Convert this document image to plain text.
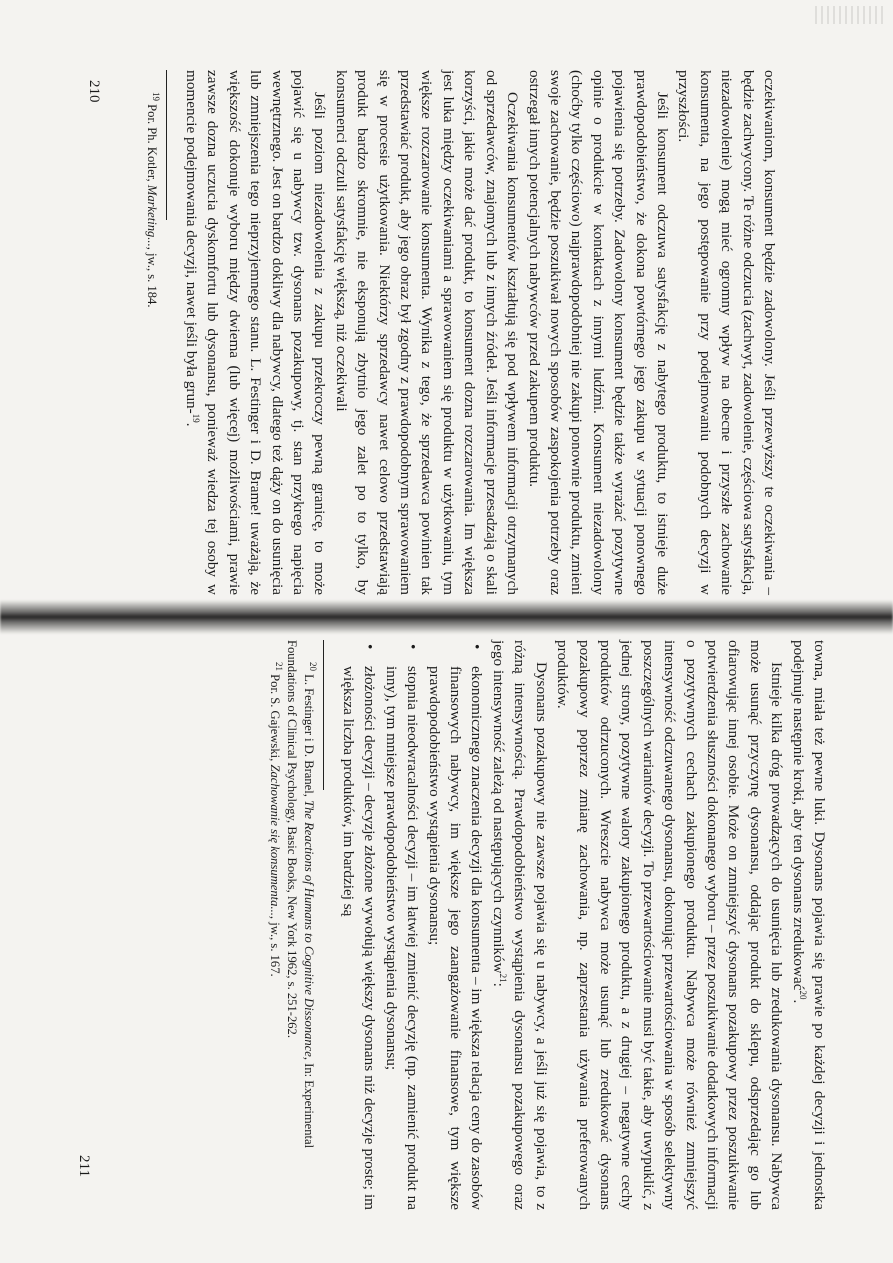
210
211

oczekiwaniom, konsument będzie zadowolony. Jeśli przewyższy te oczekiwania – będzie zachwycony. Te różne odczucia (zachwyt, zadowolenie, częściowa satysfakcja, niezadowolenie) mogą mieć ogromny wpływ na obecne i przyszłe zachowanie konsumenta, na jego postępowanie przy podejmowaniu podobnych decyzji w przyszłości.

Jeśli konsument odczuwa satysfakcję z nabytego produktu, to istnieje duże prawdopodobieństwo, że dokona powtórnego jego zakupu w sytuacji ponownego pojawienia się potrzeby. Zadowolony konsument będzie także wyrażać pozytywne opinie o produkcie w kontaktach z innymi ludźmi. Konsument niezadowolony (choćby tylko częściowo) najprawdopodobniej nie zakupi ponownie produktu, zmieni swoje zachowanie, będzie poszukiwał nowych sposobów zaspokojenia potrzeby oraz ostrzegał innych potencjalnych nabywców przed zakupem produktu.

Oczekiwania konsumentów kształtują się pod wpływem informacji otrzymanych od sprzedawców, znajomych lub z innych źródeł. Jeśli informacje przesadzają o skali korzyści, jakie może dać produkt, to konsument dozna rozczarowania. Im większa jest luka między oczekiwaniami a sprawowaniem się produktu w użytkowaniu, tym większe rozczarowanie konsumenta. Wynika z tego, że sprzedawca powinien tak przedstawiać produkt, aby jego obraz był zgodny z prawdopodobnym sprawowaniem się w procesie użytkowania. Niektórzy sprzedawcy nawet celowo przedstawiają produkt bardzo skromnie, nie eksponują zbytnio jego zalet po to tylko, by konsumenci odczuli satysfakcję większą, niż oczekiwali

Jeśli poziom niezadowolenia z zakupu przekroczy pewną granicę, to może pojawić się u nabywcy tzw. dysonans pozakupowy, tj. stan przykrego napięcia wewnętrznego. Jest on bardzo dokliwy dla nabywcy, dlatego też dąży on do usunięcia lub zmniejszenia tego nieprzyjemnego stanu. L. Festinger i D. Brame! uważają, że większość dokonuje wyboru między dwiema (lub więcej) możliwościami, prawie zawsze dozna uczucia dyskomfortu lub dysonansu, ponieważ wiedza tej osoby w momencie podejmowania decyzji, nawet jeśli była grun-$^{19}$.

$^{19}$ Por. Ph. Kotler, Marketing..., jw., s. 184.

towna, miała też pewne luki. Dysonans pojawia się prawie po każdej decyzji i jednostka podejmuje następnie kroki, aby ten dysonans zredukować$^{20}$.

Istnieje kilka dróg prowadzących do usunięcia lub zredukowania dysonansu. Nabywca może usunąć przyczynę dysonansu, oddając produkt do sklepu, odsprzedając go lub ofiarowując innej osobie. Może on zmniejszyć dysonans pozakupowy przez poszukiwanie potwierdzenia słuszności dokonanego wyboru – przez poszukiwanie dodatkowych informacji o pozytywnych cechach zakupionego produktu. Nabywca może również zmniejszyć intensywność odczuwanego dysonansu, dokonując przewartościowania w sposób selektywny poszczególnych wariantów decyzji. To przewartościowanie musi być takie, aby uwypuklić, z jednej strony, pozytywne walory zakupionego produktu, a z drugiej – negatywne cechy produktów odrzuconych. Wreszcie nabywca może usunąć lub zredukować dysonans pozakupowy poprzez zmianę zachowania, np. zaprzestania używania preferowanych produktów.

Dysonans pozakupowy nie zawsze pojawia się u nabywcy, a jeśli już się pojawia, to z różną intensywnością. Prawdopodobieństwo wystąpienia dysonansu pozakupowego oraz jego intensywność zależą od następujących czynników$^{21}$:

• ekonomicznego znaczenia decyzji dla konsumenta – im większa relacja ceny do zasobów finansowych nabywcy, im większe jego zaangażowanie finansowe, tym większe prawdopodobieństwo wystąpienia dysonansu;

• stopnia nieodwracalności decyzji – im łatwiej zmienić decyzję (np. zamienić produkt na inny), tym mniejsze prawdopodobieństwo wystąpienia dysonansu;

• złożoności decyzji – decyzje złożone wywołują większy dysonans niż decyzje proste; im większa liczba produktów, im bardziej są

$^{20}$ L. Festinger i D. Branel, The Reactions of Humans to Cognitive Dissonance, In: Experimental Foundations of Clinical Psychology, Basic Books, New York 1962, s. 251-262.

$^{21}$ Por. S. Gajewski, Zachowanie się konsumenta..., jw., s. 167.
